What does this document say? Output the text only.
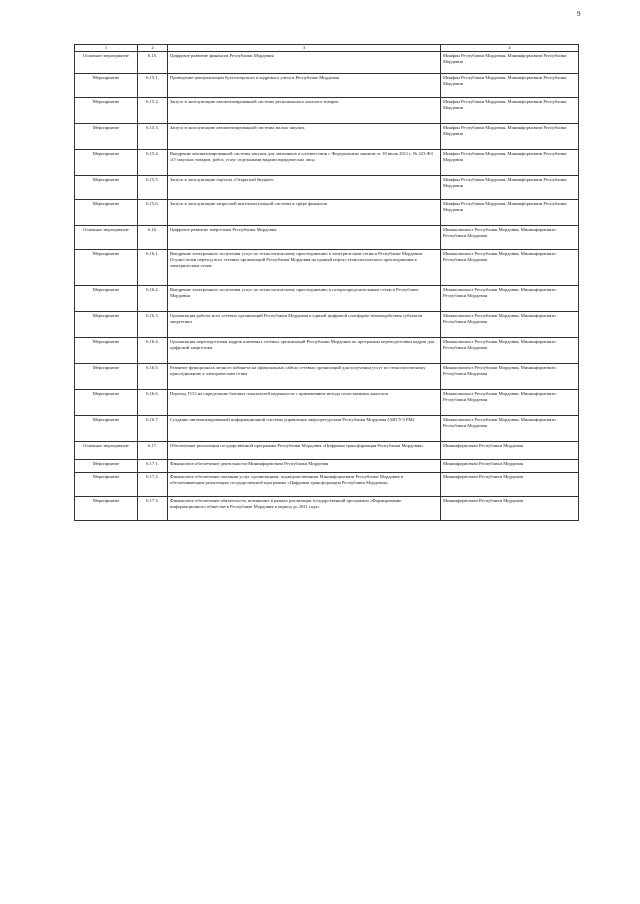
9
1	2	3	4
Основное мероприятие	6.15.	Цифровое развитие финансов Республики Мордовия	Минфин Республики Мордовия, Мининформсвязи Республики Мордовия
Мероприятие	6.15.1.	Проведение централизации бухгалтерского и кадрового учета в Республике Мордовия	Минфин Республики Мордовия, Мининформсвязи Республики Мордовия
Мероприятие	6.15.2.	Запуск в эксплуатацию автоматизированной системы регионального каталога товаров	Минфин Республики Мордовия, Мининформсвязи Республики Мордовия
Мероприятие	6.15.3.	Запуск в эксплуатацию автоматизированной системы малых закупок	Минфин Республики Мордовия, Мининформсвязи Республики Мордовия
Мероприятие	6.15.4.	Внедрение автоматизированной системы закупок для заказчиков в соответствии с Федеральным законом от 18 июля 2011 г. № 223-ФЗ «О закупках товаров, работ, услуг отдельными видами юридических лиц»	Минфин Республики Мордовия, Мининформсвязи Республики Мордовия
Мероприятие	6.15.5.	Запуск в эксплуатацию портала «Открытый бюджет»	Минфин Республики Мордовия, Мининформсвязи Республики Мордовия
Мероприятие	6.15.6.	Запуск в эксплуатацию запросной интеллектуальной системы в сфере финансов	Минфин Республики Мордовия, Мининформсвязи Республики Мордовия
Основное мероприятие	6.16.	Цифровое развитие энергетики Республики Мордовия	Минжилкомхоз Республики Мордовия, Мининформсвязи Республики Мордовия
Мероприятие	6.16.1.	Внедрение электронного получения услуг по технологическому присоединению к электрическим сетям в Республике Мордовия. Осуществлен переход всех сетевых организаций Республики Мордовия на единый портал технологического присоединения к электрическим сетям	Минжилкомхоз Республики Мордовия, Мининформсвязи Республики Мордовия
Мероприятие	6.16.2.	Внедрение электронного получения услуг по технологическому присоединению к газораспределительным сетям в Республике Мордовия	Минжилкомхоз Республики Мордовия, Мининформсвязи Республики Мордовия
Мероприятие	6.16.3.	Организация работы всех сетевых организаций Республики Мордовия в единой цифровой платформе взаимодействия субъектов энергетики	Минжилкомхоз Республики Мордовия, Мининформсвязи Республики Мордовия
Мероприятие	6.16.4.	Организация переподготовки кадров ключевых сетевых организаций Республики Мордовия по программы переподготовки кадров для цифровой энергетики	Минжилкомхоз Республики Мордовия, Мининформсвязи Республики Мордовия
Мероприятие	6.16.5.	Развитие функционала личного кабинета на официальных сайтах сетевых организаций для получения услуг по технологическому присоединению к электрическим сетям	Минжилкомхоз Республики Мордовия, Мининформсвязи Республики Мордовия
Мероприятие	6.16.6.	Переход ТСО на определение базовых показателей надежности с применением метода сопоставимых аналогов	Минжилкомхоз Республики Мордовия, Мининформсвязи Республики Мордовия
Мероприятие	6.16.7.	Создание автоматизированной информационной системы управления энергоресурсами Республики Мордовия (АИСУЭ РМ)	Минжилкомхоз Республики Мордовия, Мининформсвязи Республики Мордовия
Основное мероприятие	6.17.	Обеспечение реализации государственной программы Республики Мордовия «Цифровая трансформация Республики Мордовия»	Мининформсвязи Республики Мордовия
Мероприятие	6.17.1.	Финансовое обеспечение деятельности Мининформсвязи Республики Мордовия	Мининформсвязи Республики Мордовия
Мероприятие	6.17.2.	Финансовое обеспечение оказания услуг организациям, подведомственным Мининформсвязи Республики Мордовия и обеспечивающим реализацию государственной программы «Цифровая трансформация Республики Мордовия»	Мининформсвязи Республики Мордовия
Мероприятие	6.17.3.	Финансовое обеспечение обязательств, возникших в рамках реализации государственной программы «Формирование информационного общества в Республике Мордовия в период до 2021 года»	Мининформсвязи Республики Мордовия
